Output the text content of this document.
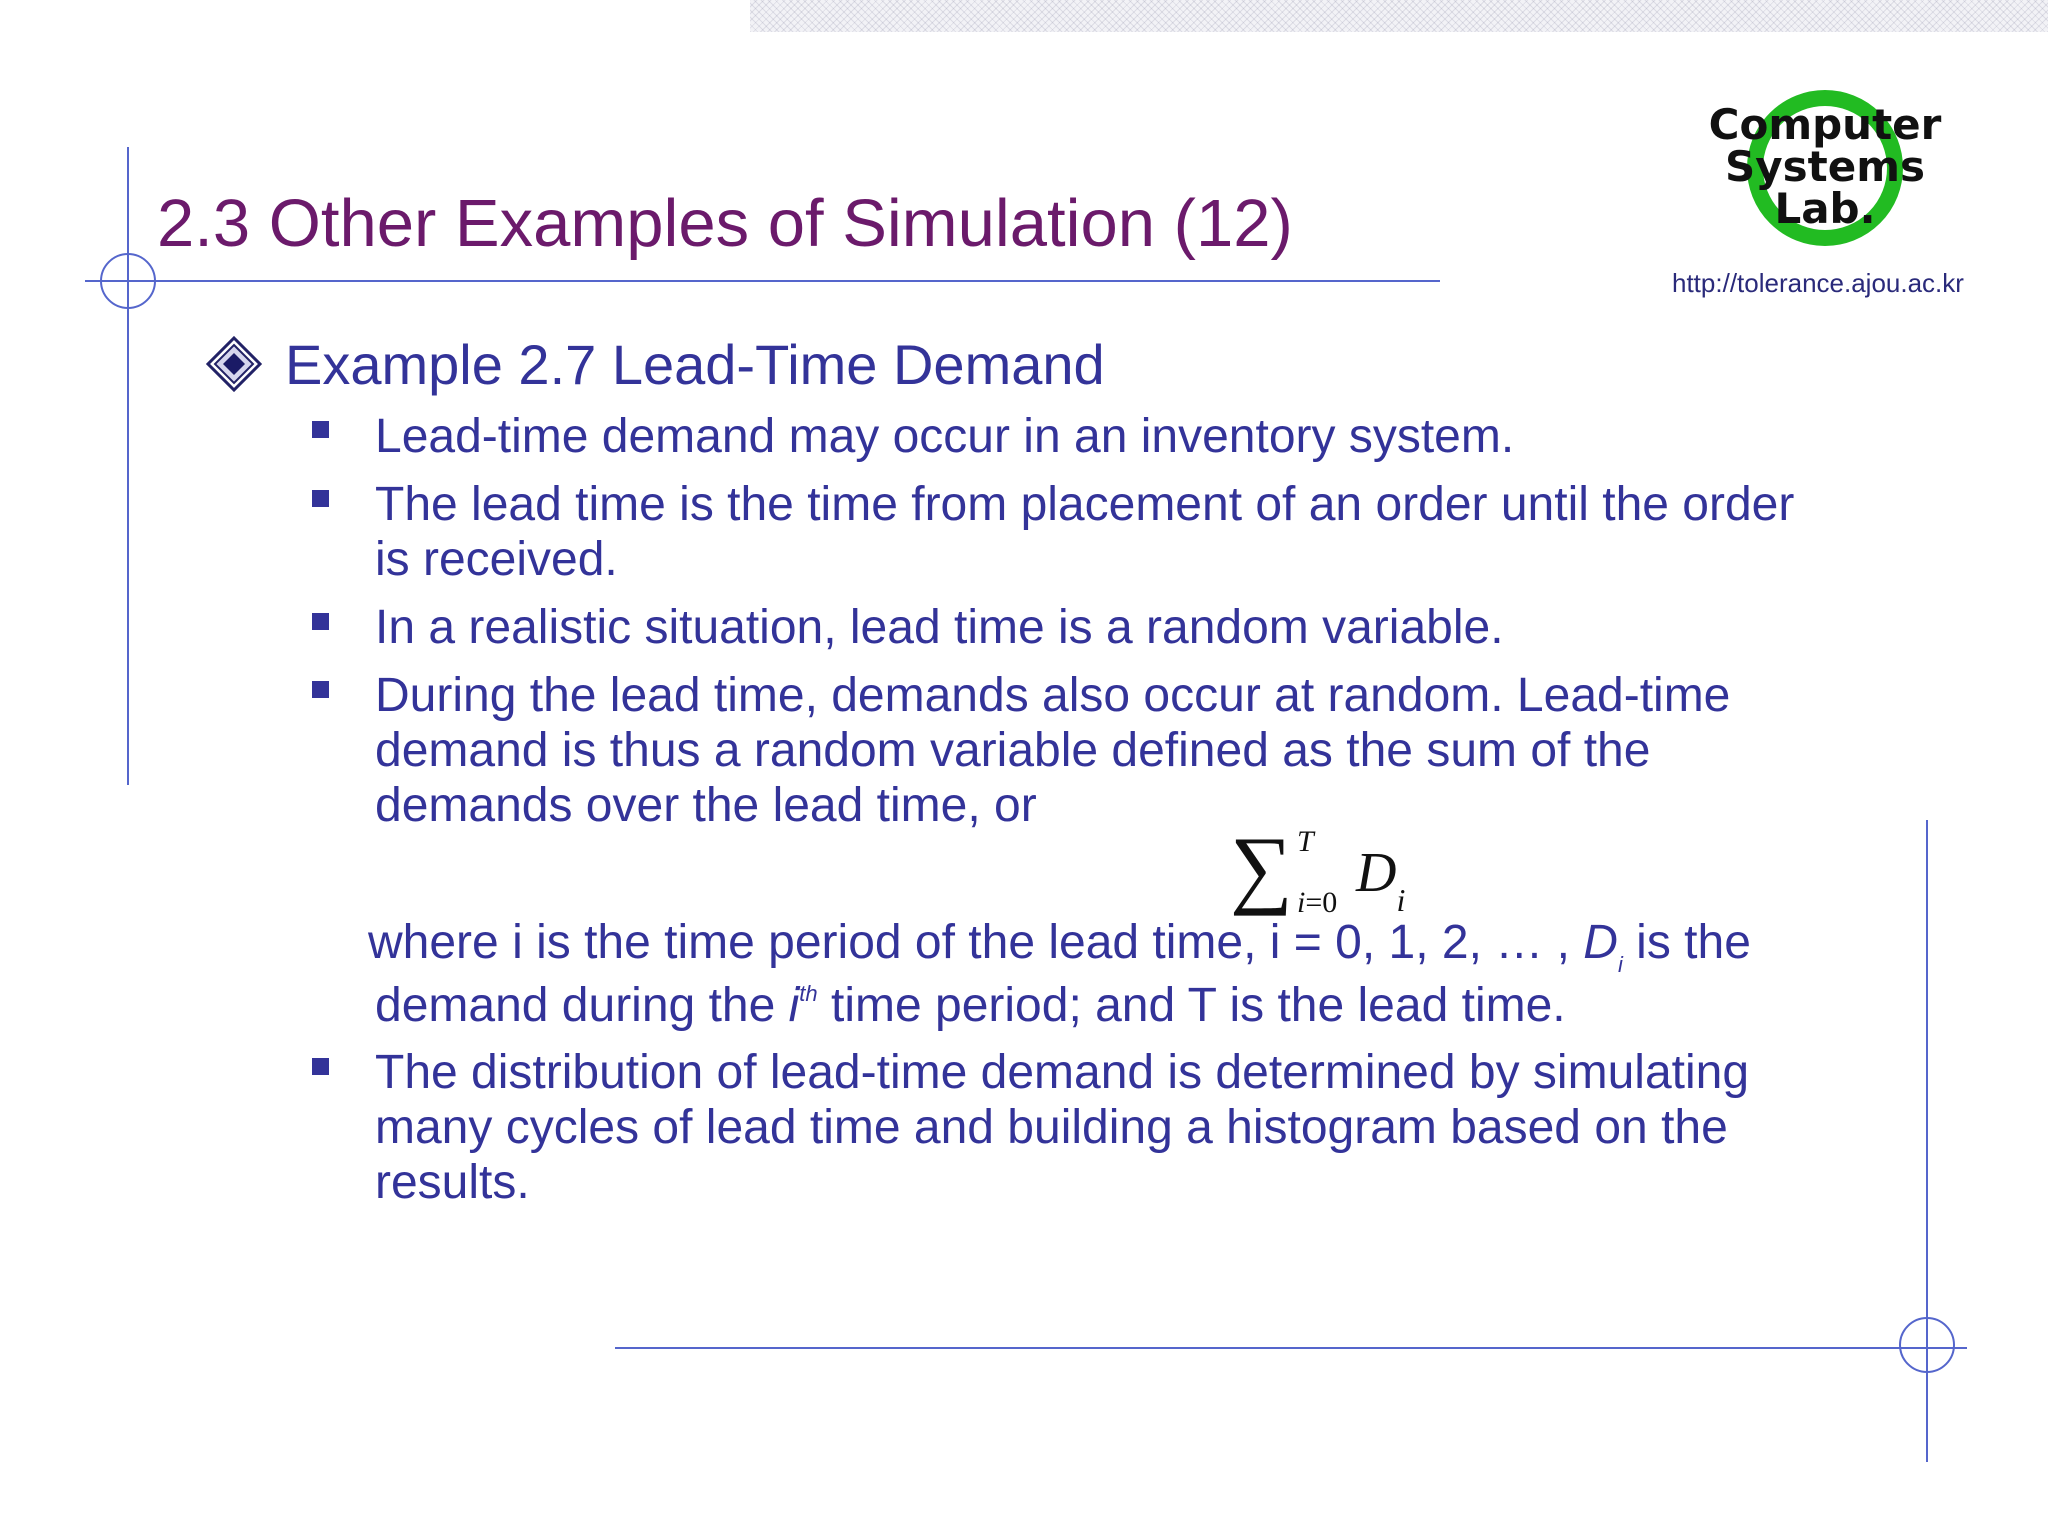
2.3 Other Examples of Simulation (12)
Computer
Systems
Lab.
http://tolerance.ajou.ac.kr
Example 2.7 Lead-Time Demand
Lead-time demand may occur in an inventory system.
The lead time is the time from placement of an order until the order
is received.
In a realistic situation, lead time is a random variable.
During the lead time, demands also occur at random. Lead-time
demand is thus a random variable defined as the sum of the
demands over the lead time, or
∑ T
i=0 $D_i$
where i is the time period of the lead time, i = 0, 1, 2, … , $D_i$ is the
demand during the $i^{th}$ time period; and T is the lead time.
The distribution of lead-time demand is determined by simulating
many cycles of lead time and building a histogram based on the
results.
